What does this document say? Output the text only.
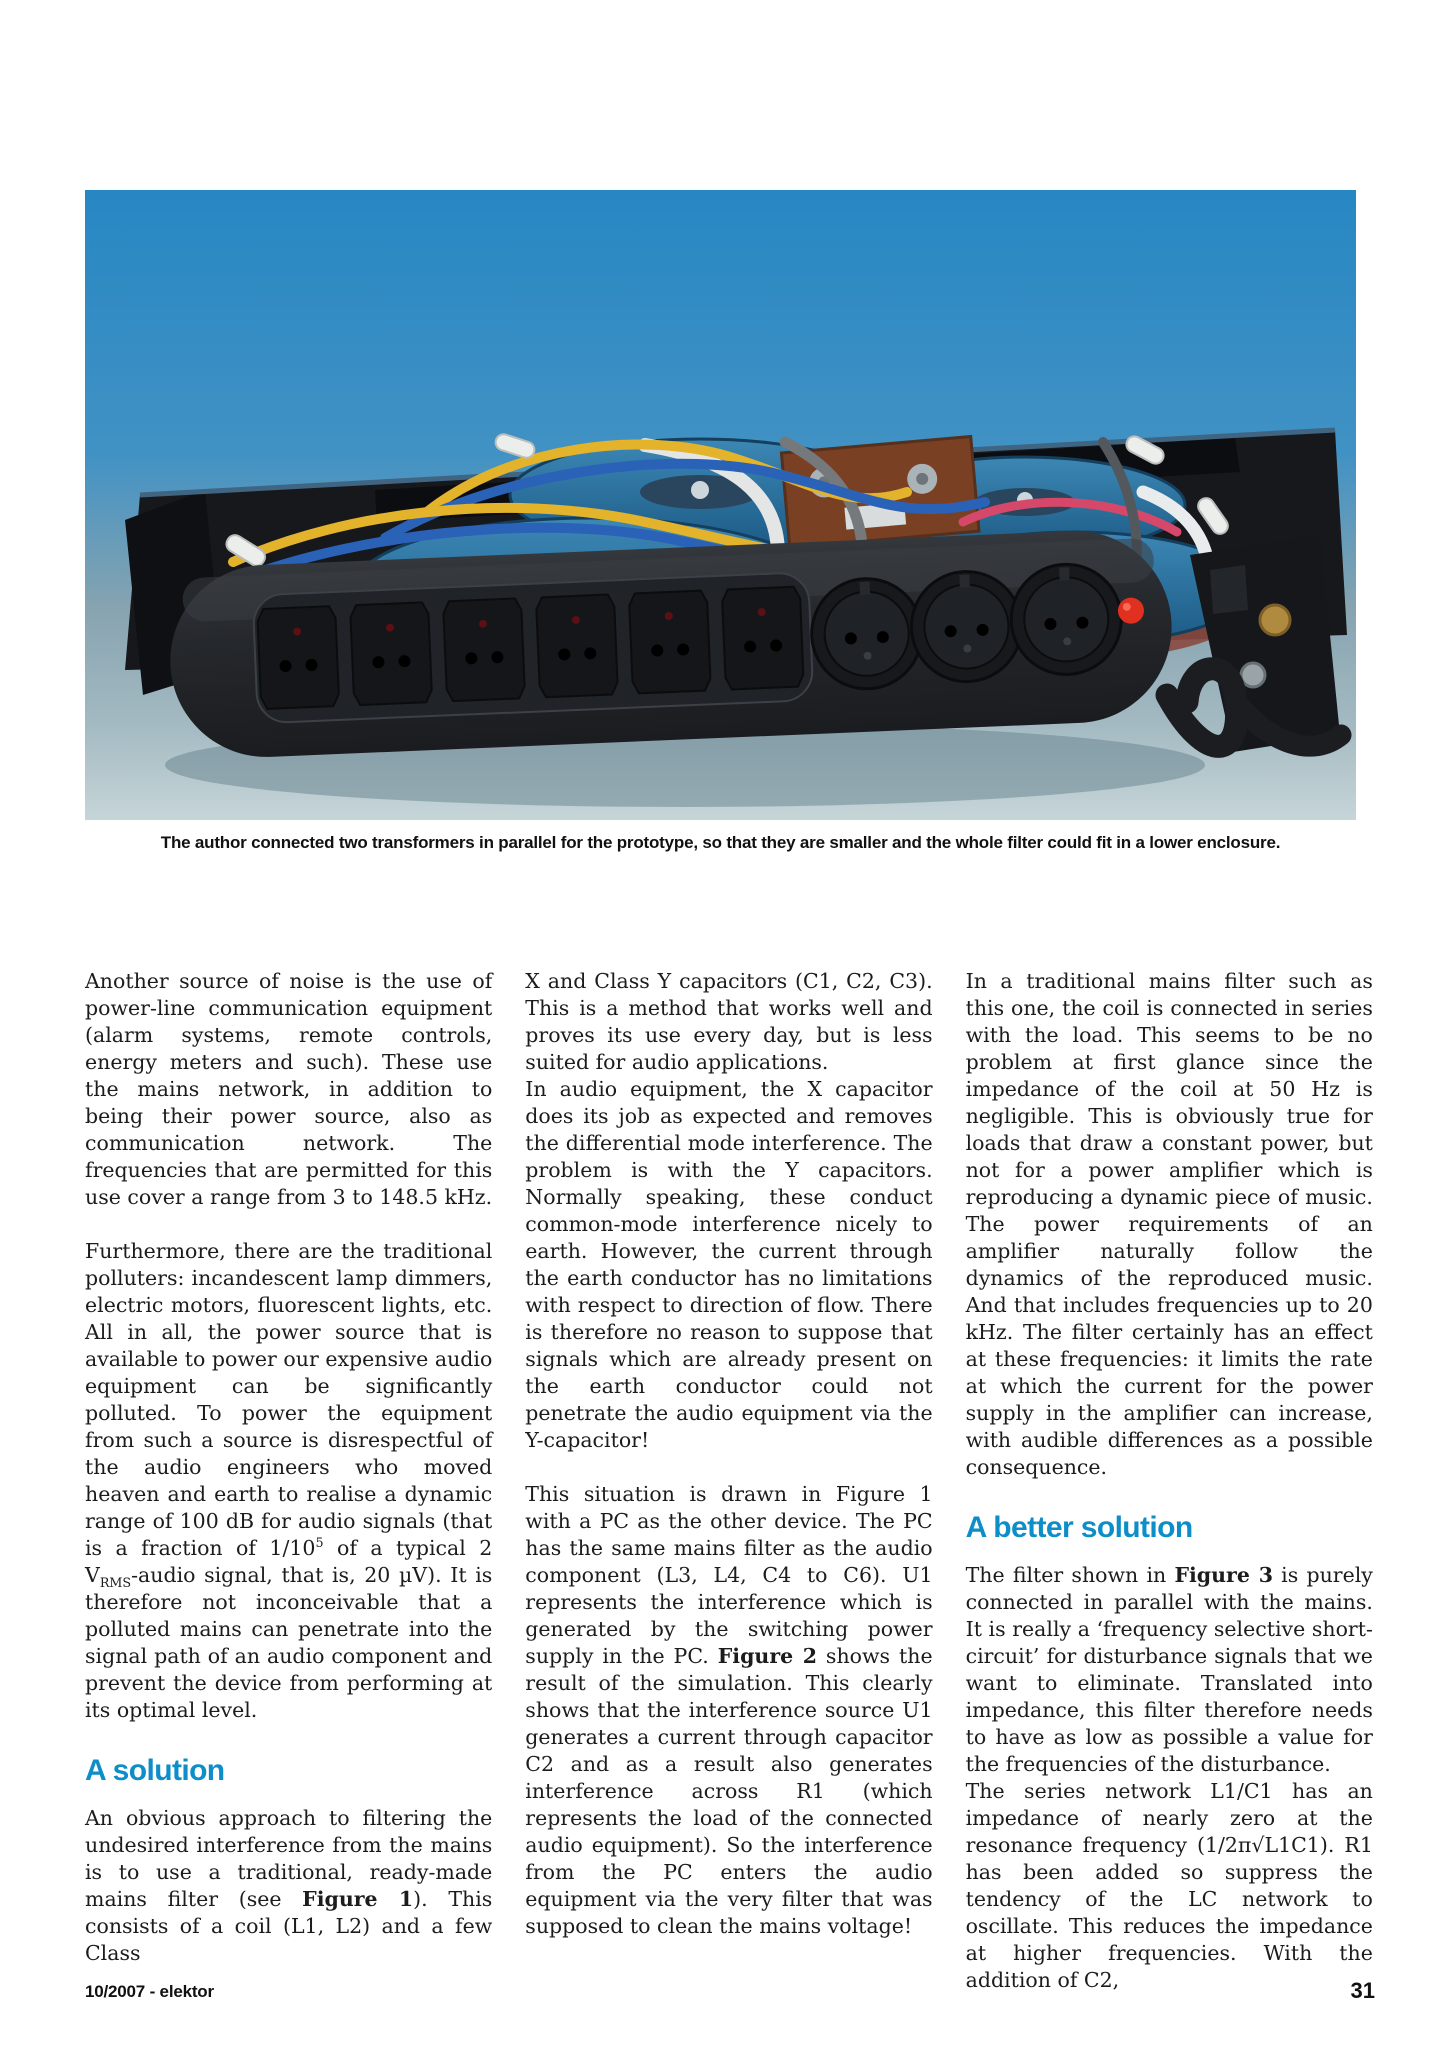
The author connected two transformers in parallel for the prototype, so that they are smaller and the whole filter could fit in a lower enclosure.

Another source of noise is the use of power-line communication equipment (alarm systems, remote controls, energy meters and such). These use the mains network, in addition to being their power source, also as communication network. The frequencies that are permitted for this use cover a range from 3 to 148.5 kHz.

Furthermore, there are the traditional polluters: incandescent lamp dimmers, electric motors, fluorescent lights, etc. All in all, the power source that is available to power our expensive audio equipment can be significantly polluted. To power the equipment from such a source is disrespectful of the audio engineers who moved heaven and earth to realise a dynamic range of 100 dB for audio signals (that is a fraction of $1/10^5$ of a typical 2 $V_{RMS}$-audio signal, that is, 20 µV). It is therefore not inconceivable that a polluted mains can penetrate into the signal path of an audio component and prevent the device from performing at its optimal level.

A solution

An obvious approach to filtering the undesired interference from the mains is to use a traditional, ready-made mains filter (see Figure 1). This consists of a coil (L1, L2) and a few Class

X and Class Y capacitors (C1, C2, C3). This is a method that works well and proves its use every day, but is less suited for audio applications.

In audio equipment, the X capacitor does its job as expected and removes the differential mode interference. The problem is with the Y capacitors. Normally speaking, these conduct common-mode interference nicely to earth. However, the current through the earth conductor has no limitations with respect to direction of flow. There is therefore no reason to suppose that signals which are already present on the earth conductor could not penetrate the audio equipment via the Y-capacitor!

This situation is drawn in Figure 1 with a PC as the other device. The PC has the same mains filter as the audio component (L3, L4, C4 to C6). U1 represents the interference which is generated by the switching power supply in the PC. Figure 2 shows the result of the simulation. This clearly shows that the interference source U1 generates a current through capacitor C2 and as a result also generates interference across R1 (which represents the load of the connected audio equipment). So the interference from the PC enters the audio equipment via the very filter that was supposed to clean the mains voltage!

In a traditional mains filter such as this one, the coil is connected in series with the load. This seems to be no problem at first glance since the impedance of the coil at 50 Hz is negligible. This is obviously true for loads that draw a constant power, but not for a power amplifier which is reproducing a dynamic piece of music. The power requirements of an amplifier naturally follow the dynamics of the reproduced music. And that includes frequencies up to 20 kHz. The filter certainly has an effect at these frequencies: it limits the rate at which the current for the power supply in the amplifier can increase, with audible differences as a possible consequence.

A better solution

The filter shown in Figure 3 is purely connected in parallel with the mains. It is really a ‘frequency selective short-circuit’ for disturbance signals that we want to eliminate. Translated into impedance, this filter therefore needs to have as low as possible a value for the frequencies of the disturbance.

The series network L1/C1 has an impedance of nearly zero at the resonance frequency (1/2π√L1C1). R1 has been added so suppress the tendency of the LC network to oscillate. This reduces the impedance at higher frequencies. With the addition of C2,

10/2007 - elektor	31
